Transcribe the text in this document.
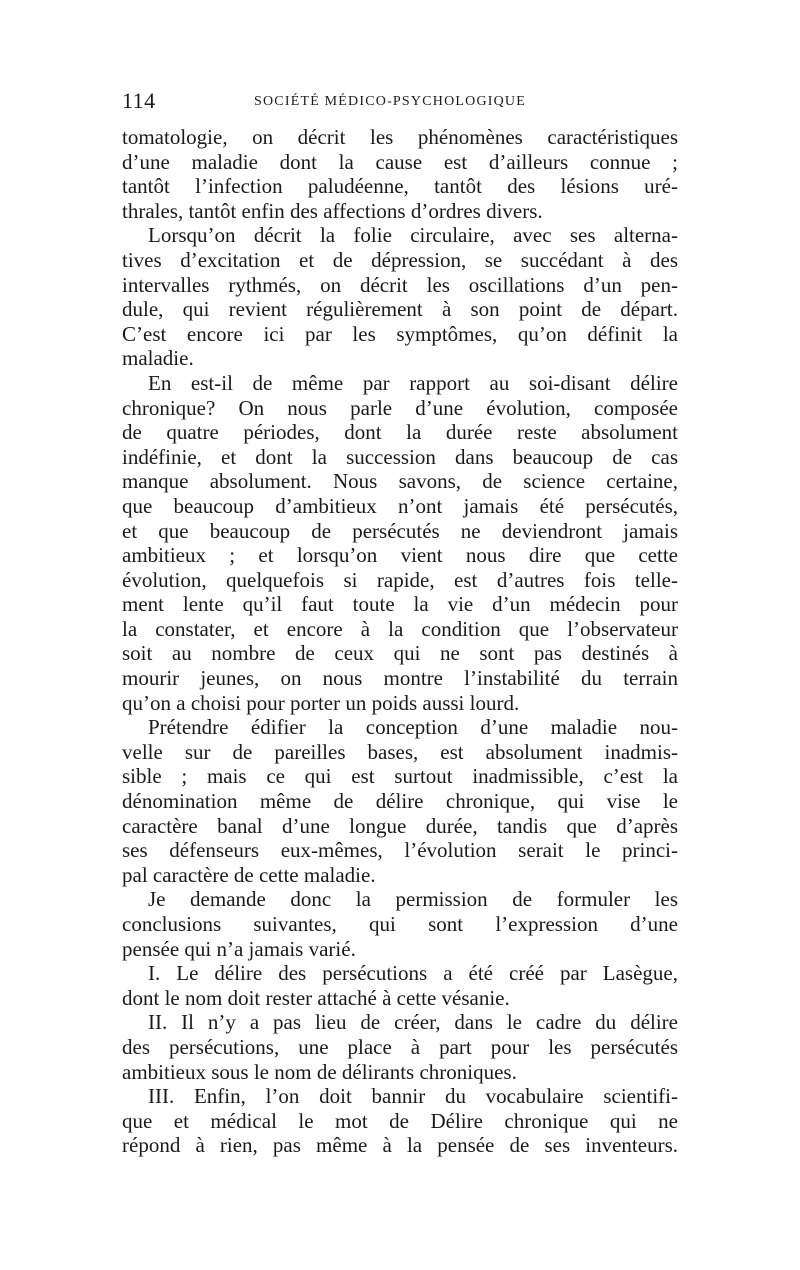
114	SOCIÉTÉ MÉDICO-PSYCHOLOGIQUE
tomatologie, on décrit les phénomènes caractéristiques
d’une maladie dont la cause est d’ailleurs connue ;
tantôt l’infection paludéenne, tantôt des lésions uré-
thrales, tantôt enfin des affections d’ordres divers.
Lorsqu’on décrit la folie circulaire, avec ses alterna-
tives d’excitation et de dépression, se succédant à des
intervalles rythmés, on décrit les oscillations d’un pen-
dule, qui revient régulièrement à son point de départ.
C’est encore ici par les symptômes, qu’on définit la
maladie.
En est-il de même par rapport au soi-disant délire
chronique? On nous parle d’une évolution, composée
de quatre périodes, dont la durée reste absolument
indéfinie, et dont la succession dans beaucoup de cas
manque absolument. Nous savons, de science certaine,
que beaucoup d’ambitieux n’ont jamais été persécutés,
et que beaucoup de persécutés ne deviendront jamais
ambitieux ; et lorsqu’on vient nous dire que cette
évolution, quelquefois si rapide, est d’autres fois telle-
ment lente qu’il faut toute la vie d’un médecin pour
la constater, et encore à la condition que l’observateur
soit au nombre de ceux qui ne sont pas destinés à
mourir jeunes, on nous montre l’instabilité du terrain
qu’on a choisi pour porter un poids aussi lourd.
Prétendre édifier la conception d’une maladie nou-
velle sur de pareilles bases, est absolument inadmis-
sible ; mais ce qui est surtout inadmissible, c’est la
dénomination même de délire chronique, qui vise le
caractère banal d’une longue durée, tandis que d’après
ses défenseurs eux-mêmes, l’évolution serait le princi-
pal caractère de cette maladie.
Je demande donc la permission de formuler les
conclusions suivantes, qui sont l’expression d’une
pensée qui n’a jamais varié.
I. Le délire des persécutions a été créé par Lasègue,
dont le nom doit rester attaché à cette vésanie.
II. Il n’y a pas lieu de créer, dans le cadre du délire
des persécutions, une place à part pour les persécutés
ambitieux sous le nom de délirants chroniques.
III. Enfin, l’on doit bannir du vocabulaire scientifi-
que et médical le mot de Délire chronique qui ne
répond à rien, pas même à la pensée de ses inventeurs.
